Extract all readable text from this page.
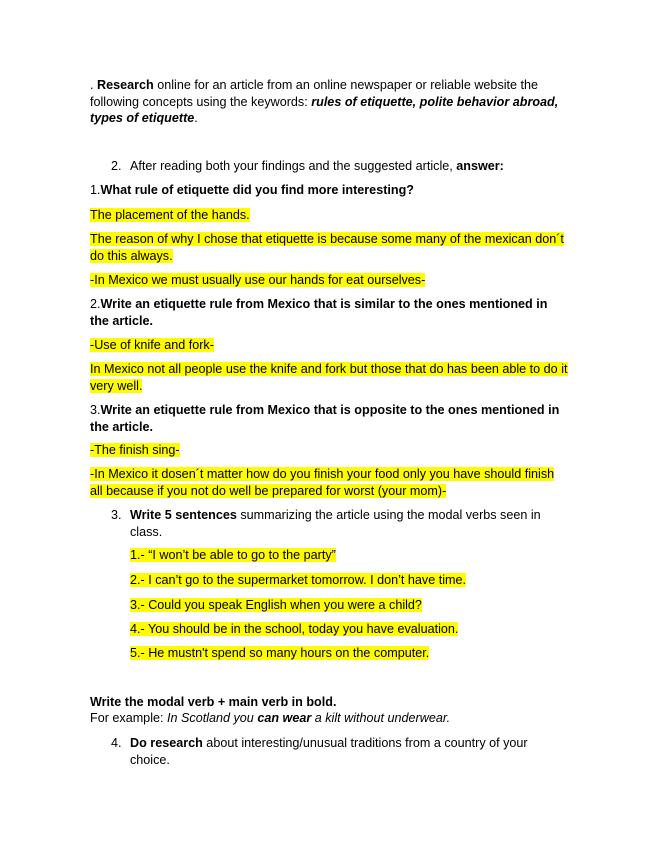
. Research online for an article from an online newspaper or reliable website the following concepts using the keywords: rules of etiquette, polite behavior abroad, types of etiquette.

2. After reading both your findings and the suggested article, answer:

1.What rule of etiquette did you find more interesting?

The placement of the hands.

The reason of why I chose that etiquette is because some many of the mexican don´t do this always.

-In Mexico we must usually use our hands for eat ourselves-

2.Write an etiquette rule from Mexico that is similar to the ones mentioned in the article.

-Use of knife and fork-

In Mexico not all people use the knife and fork but those that do has been able to do it very well.

3.Write an etiquette rule from Mexico that is opposite to the ones mentioned in the article.

-The finish sing-

-In Mexico it dosen´t matter how do you finish your food only you have should finish all because if you not do well be prepared for worst (your mom)-

3. Write 5 sentences summarizing the article using the modal verbs seen in class.

1.- “I won’t be able to go to the party”

2.- I can’t go to the supermarket tomorrow. I don’t have time.

3.- Could you speak English when you were a child?

4.- You should be in the school, today you have evaluation.

5.- He mustn't spend so many hours on the computer.

Write the modal verb + main verb in bold.

For example: In Scotland you can wear a kilt without underwear.

4. Do research about interesting/unusual traditions from a country of your choice.
